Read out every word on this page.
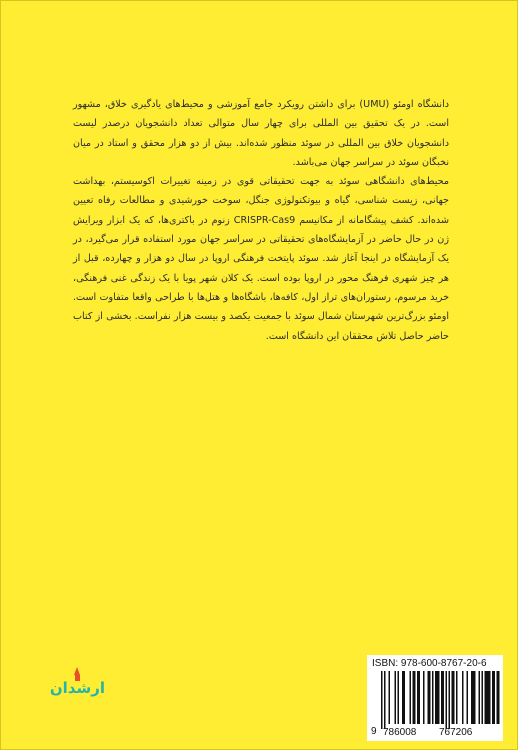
دانشگاه اومئو (UMU) برای داشتن رویکرد جامع آموزشی و محیط‌های یادگیری خلاق، مشهور است. در یک تحقیق بین المللی برای چهار سال متوالی تعداد دانشجویان درصدر لیست دانشجویان خلاق بین المللی در سوئد منظور شده‌اند. بیش از دو هزار محقق و استاد در میان نخبگان سوئد در سراسر جهان می‌باشد.

محیط‌های دانشگاهی سوئد به جهت تحقیقاتی قوی در زمینه تغییرات اکوسیستم، بهداشت جهانی، زیست شناسی، گیاه و بیوتکنولوژی جنگل، سوخت خورشیدی و مطالعات رفاه تعیین شده‌اند. کشف پیشگامانه از مکانیسم CRISPR-Cas9 زنوم در باکتری‌ها، که یک ابزار ویرایش ژن در حال حاضر در آزمایشگاه‌های تحقیقاتی در سراسر جهان مورد استفاده قرار می‌گیرد، در یک آزمایشگاه در اینجا آغاز شد. سوئد پایتخت فرهنگی اروپا در سال دو هزار و چهارده، قبل از هر چیز شهری فرهنگ محور در اروپا بوده است. یک کلان شهر پویا با یک زندگی غنی فرهنگی، خرید مرسوم، رستوران‌های تراز اول، کافه‌ها، باشگاه‌ها و هتل‌ها با طراحی واقعا متفاوت است. اومئو بزرگ‌ترین شهرستان شمال سوئد با جمعیت یکصد و بیست هزار نفراست. بخشی از کتاب حاضر حاصل تلاش محققان این دانشگاه است.

ارشدان
ISBN: 978-600-8767-20-6
9 786008 767206
